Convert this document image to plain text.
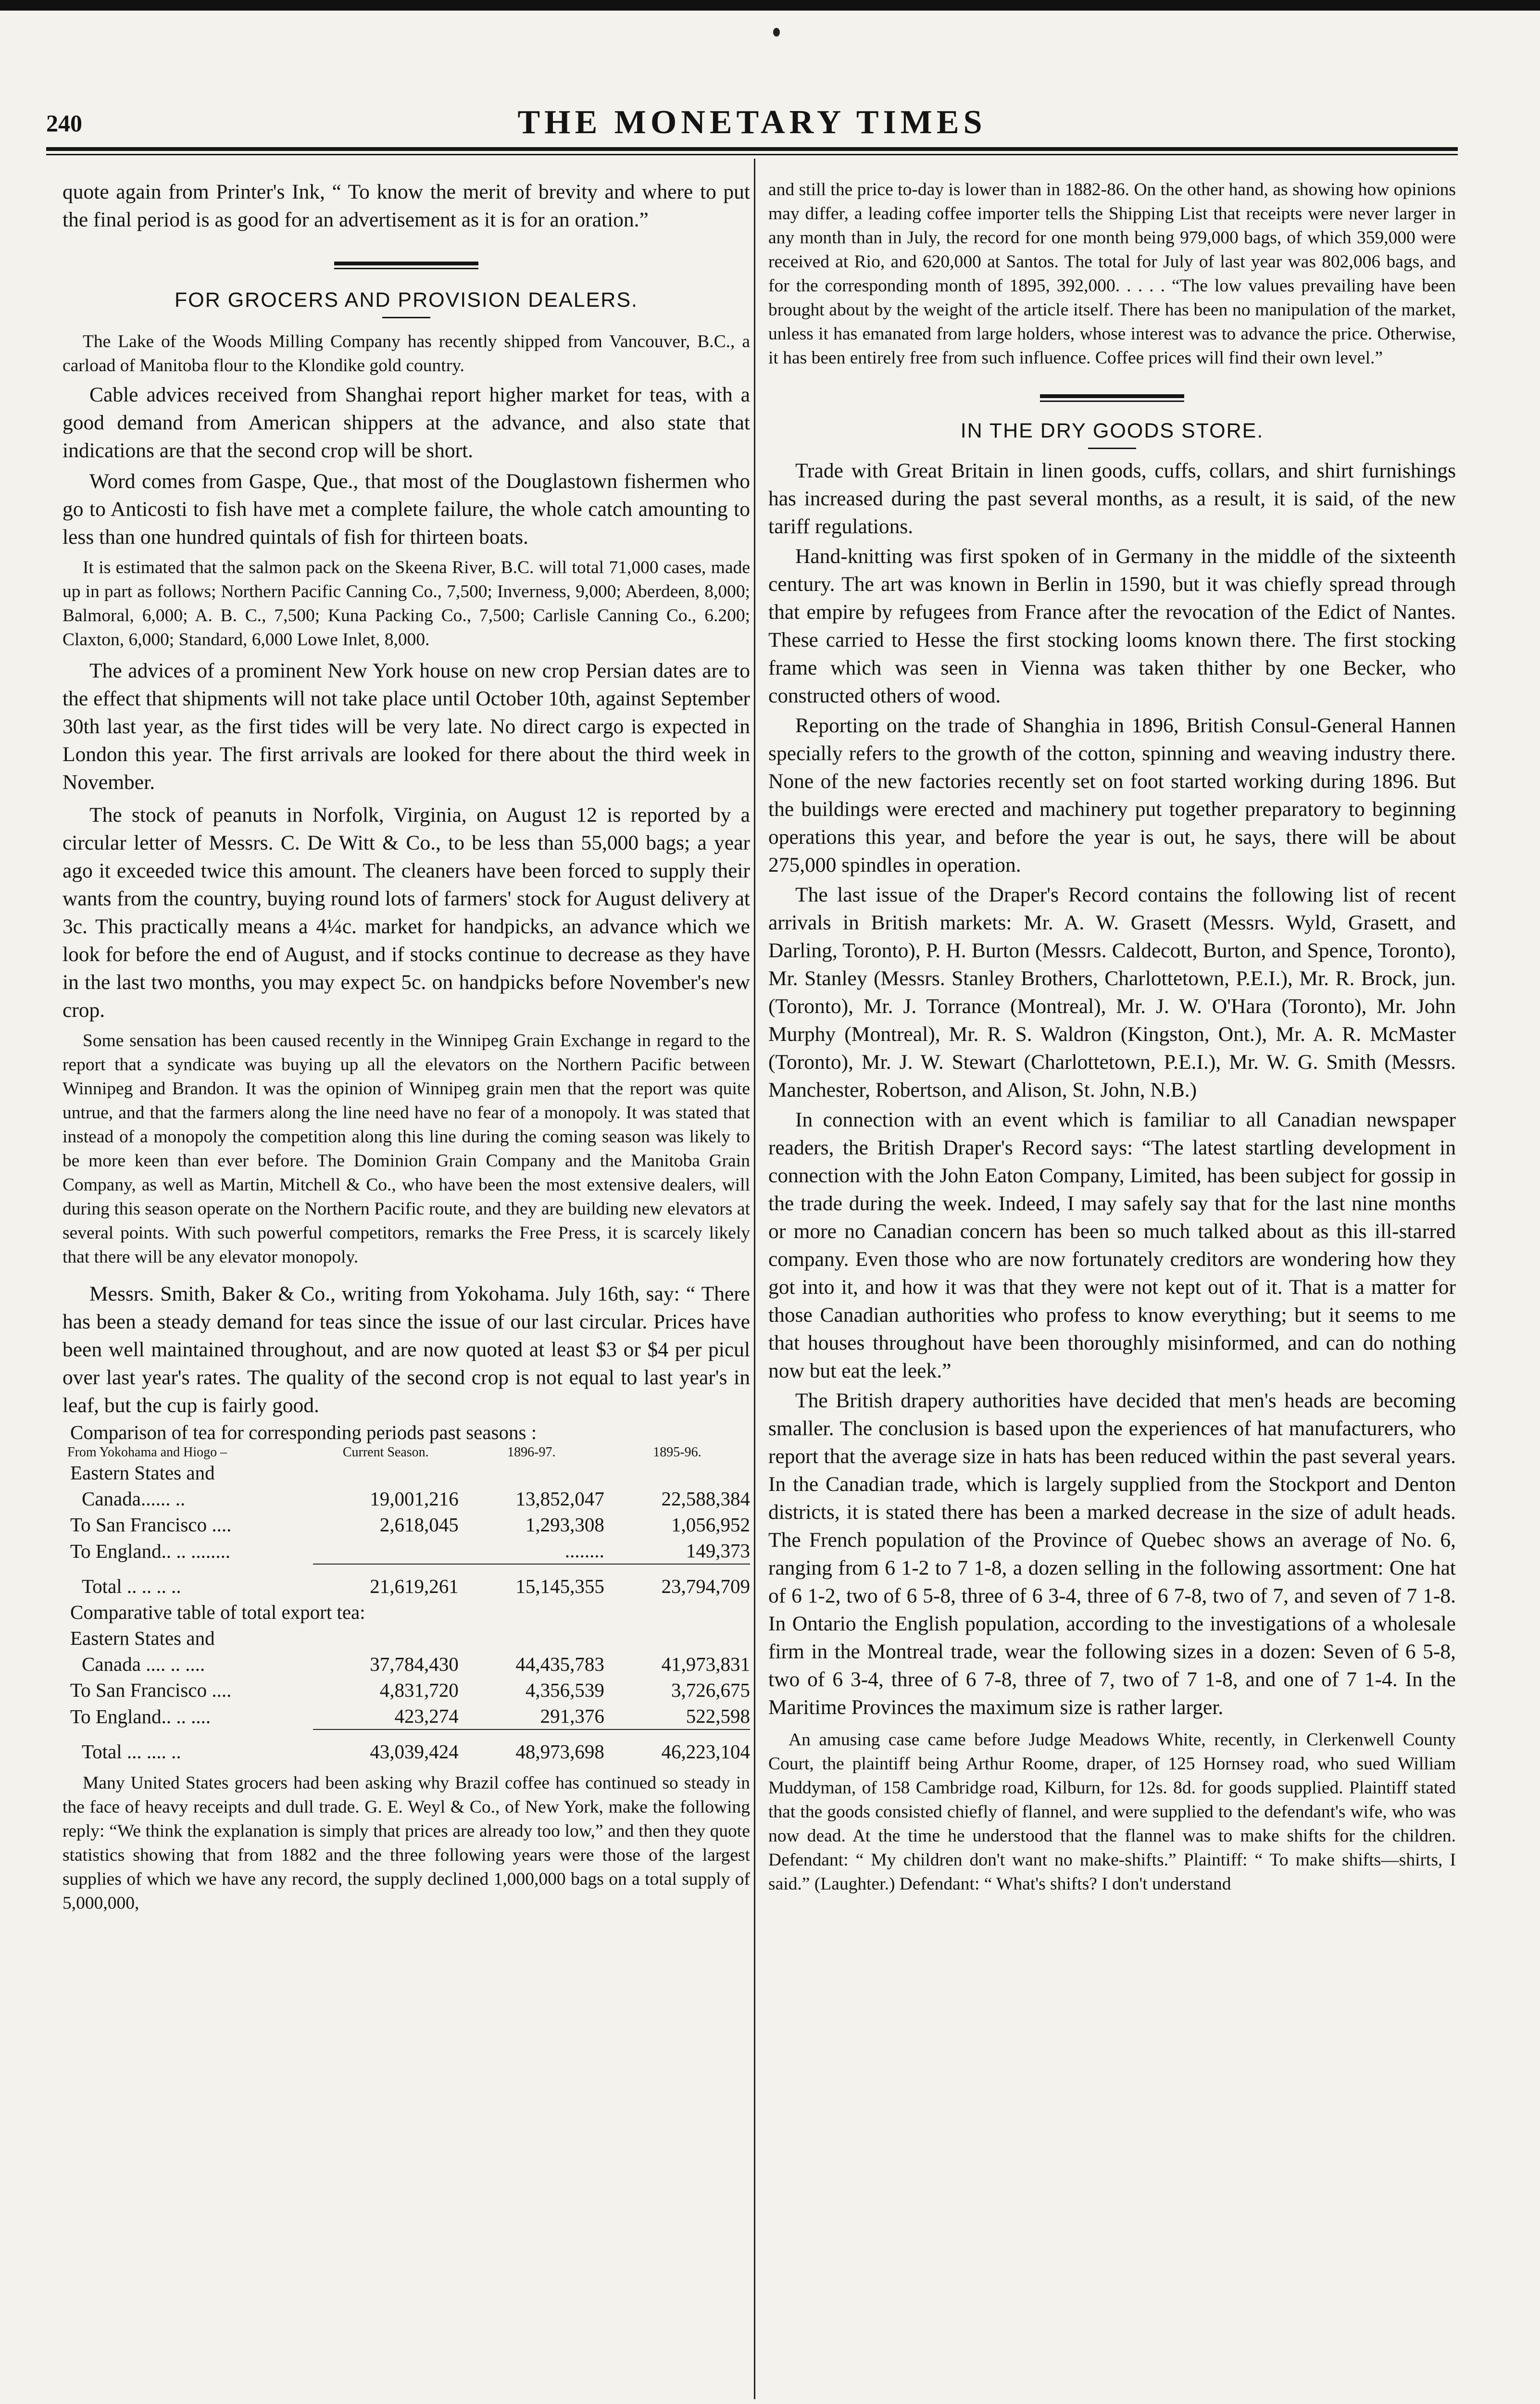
240	THE MONETARY TIMES

quote again from Printer's Ink, “ To know the merit of brevity and where to put the final period is as good for an advertisement as it is for an oration.”

FOR GROCERS AND PROVISION DEALERS.

The Lake of the Woods Milling Company has recently shipped from Vancouver, B.C., a carload of Manitoba flour to the Klondike gold country.

Cable advices received from Shanghai report higher market for teas, with a good demand from American shippers at the advance, and also state that indications are that the second crop will be short.

Word comes from Gaspe, Que., that most of the Douglastown fishermen who go to Anticosti to fish have met a complete failure, the whole catch amounting to less than one hundred quintals of fish for thirteen boats.

It is estimated that the salmon pack on the Skeena River, B.C. will total 71,000 cases, made up in part as follows; Northern Pacific Canning Co., 7,500; Inverness, 9,000; Aberdeen, 8,000; Balmoral, 6,000; A. B. C., 7,500; Kuna Packing Co., 7,500; Carlisle Canning Co., 6.200; Claxton, 6,000; Standard, 6,000 Lowe Inlet, 8,000.

The advices of a prominent New York house on new crop Persian dates are to the effect that shipments will not take place until October 10th, against September 30th last year, as the first tides will be very late. No direct cargo is expected in London this year. The first arrivals are looked for there about the third week in November.

The stock of peanuts in Norfolk, Virginia, on August 12 is reported by a circular letter of Messrs. C. De Witt & Co., to be less than 55,000 bags; a year ago it exceeded twice this amount. The cleaners have been forced to supply their wants from the country, buying round lots of farmers' stock for August delivery at 3c. This practically means a 4¼c. market for handpicks, an advance which we look for before the end of August, and if stocks continue to decrease as they have in the last two months, you may expect 5c. on handpicks before November's new crop.

Some sensation has been caused recently in the Winnipeg Grain Exchange in regard to the report that a syndicate was buying up all the elevators on the Northern Pacific between Winnipeg and Brandon. It was the opinion of Winnipeg grain men that the report was quite untrue, and that the farmers along the line need have no fear of a monopoly. It was stated that instead of a monopoly the competition along this line during the coming season was likely to be more keen than ever before. The Dominion Grain Company and the Manitoba Grain Company, as well as Martin, Mitchell & Co., who have been the most extensive dealers, will during this season operate on the Northern Pacific route, and they are building new elevators at several points. With such powerful competitors, remarks the Free Press, it is scarcely likely that there will be any elevator monopoly.

Messrs. Smith, Baker & Co., writing from Yokohama. July 16th, say: “ There has been a steady demand for teas since the issue of our last circular. Prices have been well maintained throughout, and are now quoted at least $3 or $4 per picul over last year's rates. The quality of the second crop is not equal to last year's in leaf, but the cup is fairly good.

Comparison of tea for corresponding periods past seasons :
From Yokohama and Hiogo –	Current Season.	1896-97.	1895-96.
Eastern States and			
Canada...... ..	19,001,216	13,852,047	22,588,384
To San Francisco ....	2,618,045	1,293,308	1,056,952
To England.. .. ........		........	149,373
Total .. .. .. ..	21,619,261	15,145,355	23,794,709
Comparative table of total export tea:			
Eastern States and			
Canada .... .. ....	37,784,430	44,435,783	41,973,831
To San Francisco ....	4,831,720	4,356,539	3,726,675
To England.. .. ....	423,274	291,376	522,598
Total ... .... ..	43,039,424	48,973,698	46,223,104

Many United States grocers had been asking why Brazil coffee has continued so steady in the face of heavy receipts and dull trade. G. E. Weyl & Co., of New York, make the following reply: “We think the explanation is simply that prices are already too low,” and then they quote statistics showing that from 1882 and the three following years were those of the largest supplies of which we have any record, the supply declined 1,000,000 bags on a total supply of 5,000,000,

and still the price to-day is lower than in 1882-86. On the other hand, as showing how opinions may differ, a leading coffee importer tells the Shipping List that receipts were never larger in any month than in July, the record for one month being 979,000 bags, of which 359,000 were received at Rio, and 620,000 at Santos. The total for July of last year was 802,006 bags, and for the corresponding month of 1895, 392,000. . . . . “The low values prevailing have been brought about by the weight of the article itself. There has been no manipulation of the market, unless it has emanated from large holders, whose interest was to advance the price. Otherwise, it has been entirely free from such influence. Coffee prices will find their own level.”

IN THE DRY GOODS STORE.

Trade with Great Britain in linen goods, cuffs, collars, and shirt furnishings has increased during the past several months, as a result, it is said, of the new tariff regulations.

Hand-knitting was first spoken of in Germany in the middle of the sixteenth century. The art was known in Berlin in 1590, but it was chiefly spread through that empire by refugees from France after the revocation of the Edict of Nantes. These carried to Hesse the first stocking looms known there. The first stocking frame which was seen in Vienna was taken thither by one Becker, who constructed others of wood.

Reporting on the trade of Shanghia in 1896, British Consul-General Hannen specially refers to the growth of the cotton, spinning and weaving industry there. None of the new factories recently set on foot started working during 1896. But the buildings were erected and machinery put together preparatory to beginning operations this year, and before the year is out, he says, there will be about 275,000 spindles in operation.

The last issue of the Draper's Record contains the following list of recent arrivals in British markets: Mr. A. W. Grasett (Messrs. Wyld, Grasett, and Darling, Toronto), P. H. Burton (Messrs. Caldecott, Burton, and Spence, Toronto), Mr. Stanley (Messrs. Stanley Brothers, Charlottetown, P.E.I.), Mr. R. Brock, jun. (Toronto), Mr. J. Torrance (Montreal), Mr. J. W. O'Hara (Toronto), Mr. John Murphy (Montreal), Mr. R. S. Waldron (Kingston, Ont.), Mr. A. R. McMaster (Toronto), Mr. J. W. Stewart (Charlottetown, P.E.I.), Mr. W. G. Smith (Messrs. Manchester, Robertson, and Alison, St. John, N.B.)

In connection with an event which is familiar to all Canadian newspaper readers, the British Draper's Record says: “The latest startling development in connection with the John Eaton Company, Limited, has been subject for gossip in the trade during the week. Indeed, I may safely say that for the last nine months or more no Canadian concern has been so much talked about as this ill-starred company. Even those who are now fortunately creditors are wondering how they got into it, and how it was that they were not kept out of it. That is a matter for those Canadian authorities who profess to know everything; but it seems to me that houses throughout have been thoroughly misinformed, and can do nothing now but eat the leek.”

The British drapery authorities have decided that men's heads are becoming smaller. The conclusion is based upon the experiences of hat manufacturers, who report that the average size in hats has been reduced within the past several years. In the Canadian trade, which is largely supplied from the Stockport and Denton districts, it is stated there has been a marked decrease in the size of adult heads. The French population of the Province of Quebec shows an average of No. 6, ranging from 6 1-2 to 7 1-8, a dozen selling in the following assortment: One hat of 6 1-2, two of 6 5-8, three of 6 3-4, three of 6 7-8, two of 7, and seven of 7 1-8. In Ontario the English population, according to the investigations of a wholesale firm in the Montreal trade, wear the following sizes in a dozen: Seven of 6 5-8, two of 6 3-4, three of 6 7-8, three of 7, two of 7 1-8, and one of 7 1-4. In the Maritime Provinces the maximum size is rather larger.

An amusing case came before Judge Meadows White, recently, in Clerkenwell County Court, the plaintiff being Arthur Roome, draper, of 125 Hornsey road, who sued William Muddyman, of 158 Cambridge road, Kilburn, for 12s. 8d. for goods supplied. Plaintiff stated that the goods consisted chiefly of flannel, and were supplied to the defendant's wife, who was now dead. At the time he understood that the flannel was to make shifts for the children. Defendant: “ My children don't want no make-shifts.” Plaintiff: “ To make shifts—shirts, I said.” (Laughter.) Defendant: “ What's shifts? I don't understand
